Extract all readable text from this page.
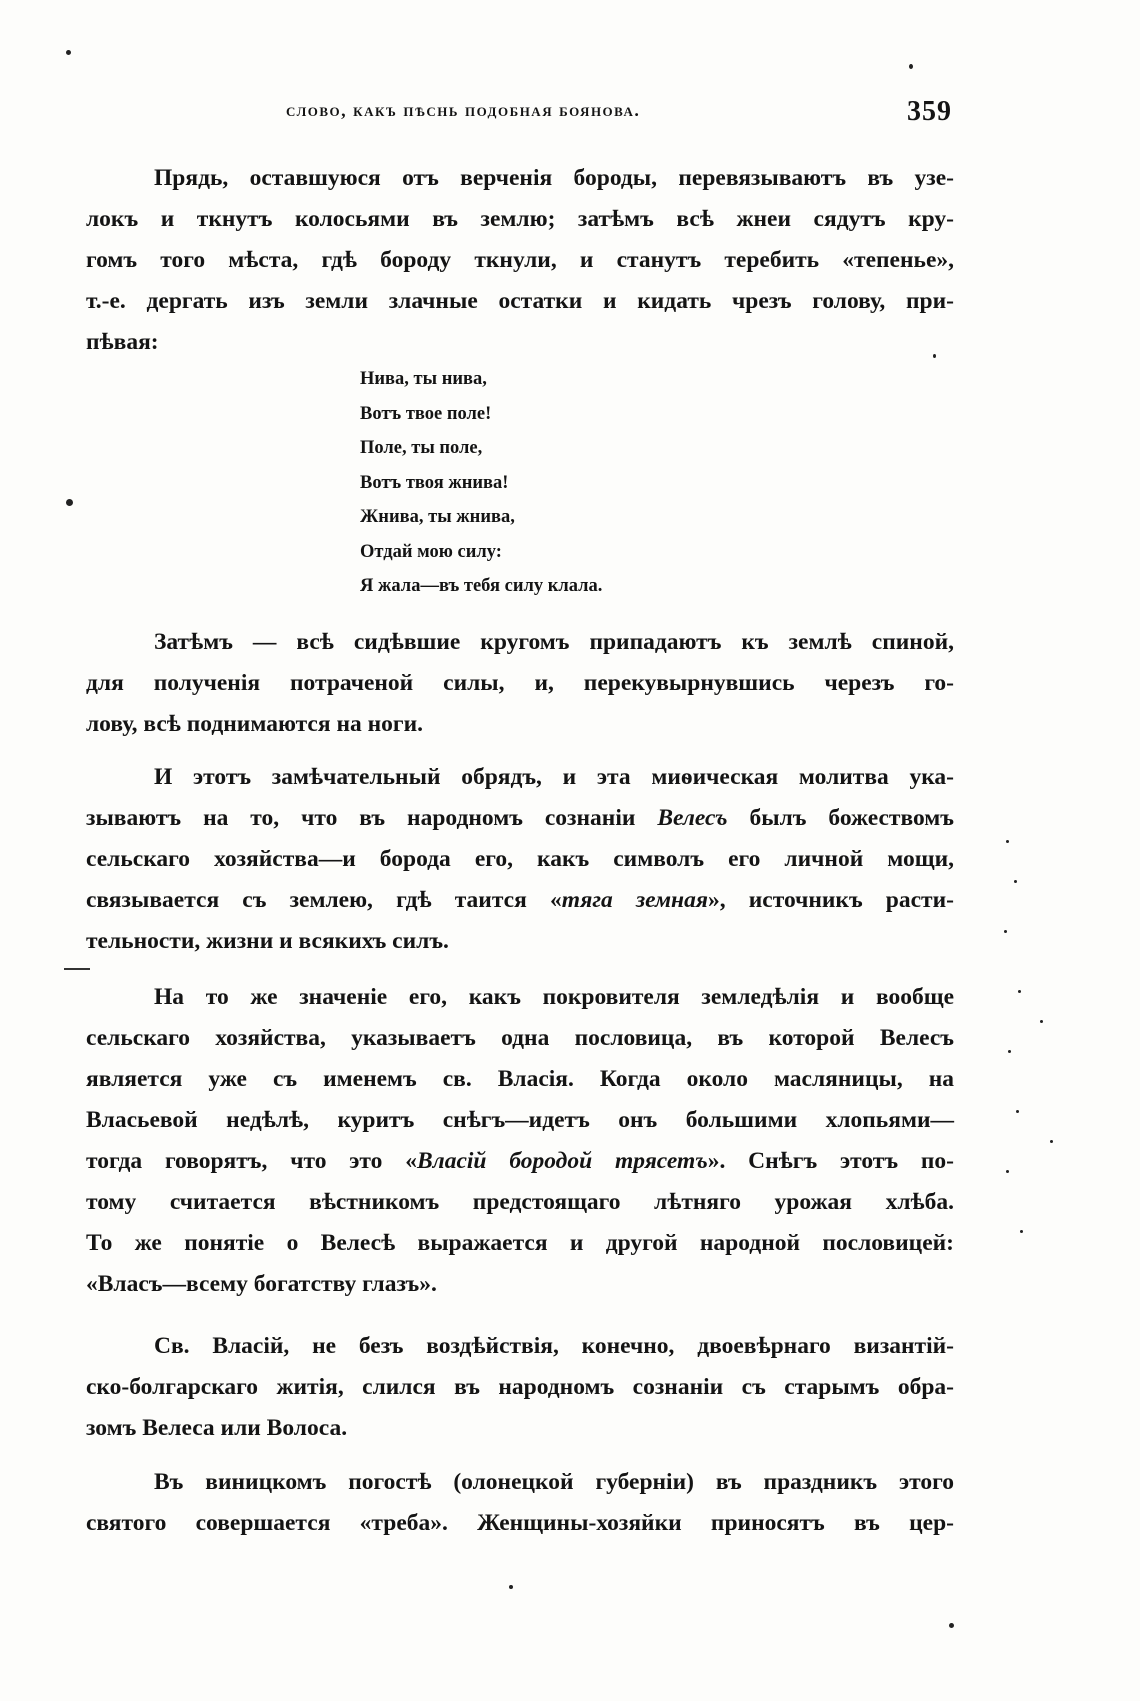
слово, какъ пѣснь подобная боянова.	359
Прядь, оставшуюся отъ верченія бороды, перевязываютъ въ узе-
локъ и ткнутъ колосьями въ землю; затѣмъ всѣ жнеи сядутъ кру-
гомъ того мѣста, гдѣ бороду ткнули, и станутъ теребить «тепенье»,
т.-е. дергать изъ земли злачные остатки и кидать чрезъ голову, при-
пѣвая:
Нива, ты нива,
Вотъ твое поле!
Поле, ты поле,
Вотъ твоя жнива!
Жнива, ты жнива,
Отдай мою силу:
Я жала—въ тебя силу клала.
Затѣмъ — всѣ сидѣвшие кругомъ припадаютъ къ землѣ спиной,
для полученія потраченой силы, и, перекувырнувшись черезъ го-
лову, всѣ поднимаются на ноги.
И этотъ замѣчательный обрядъ, и эта миѳическая молитва ука-
зываютъ на то, что въ народномъ сознаніи Велесъ былъ божествомъ
сельскаго хозяйства—и борода его, какъ символъ его личной мощи,
связывается съ землею, гдѣ таится «тяга земная», источникъ расти-
тельности, жизни и всякихъ силъ.
На то же значеніе его, какъ покровителя земледѣлія и вообще
сельскаго хозяйства, указываетъ одна пословица, въ которой Велесъ
является уже съ именемъ св. Власія. Когда около масляницы, на
Власьевой недѣлѣ, куритъ снѣгъ—идетъ онъ большими хлопьями—
тогда говорятъ, что это «Власій бородой трясетъ». Снѣгъ этотъ по-
тому считается вѣстникомъ предстоящаго лѣтняго урожая хлѣба.
То же понятіе о Велесѣ выражается и другой народной пословицей:
«Власъ—всему богатству глазъ».
Св. Власій, не безъ воздѣйствія, конечно, двоевѣрнаго византій-
ско-болгарскаго житія, слился въ народномъ сознаніи съ старымъ обра-
зомъ Велеса или Волоса.
Въ виницкомъ погостѣ (олонецкой губерніи) въ праздникъ этого
святого совершается «треба». Женщины-хозяйки приносятъ въ цер-
